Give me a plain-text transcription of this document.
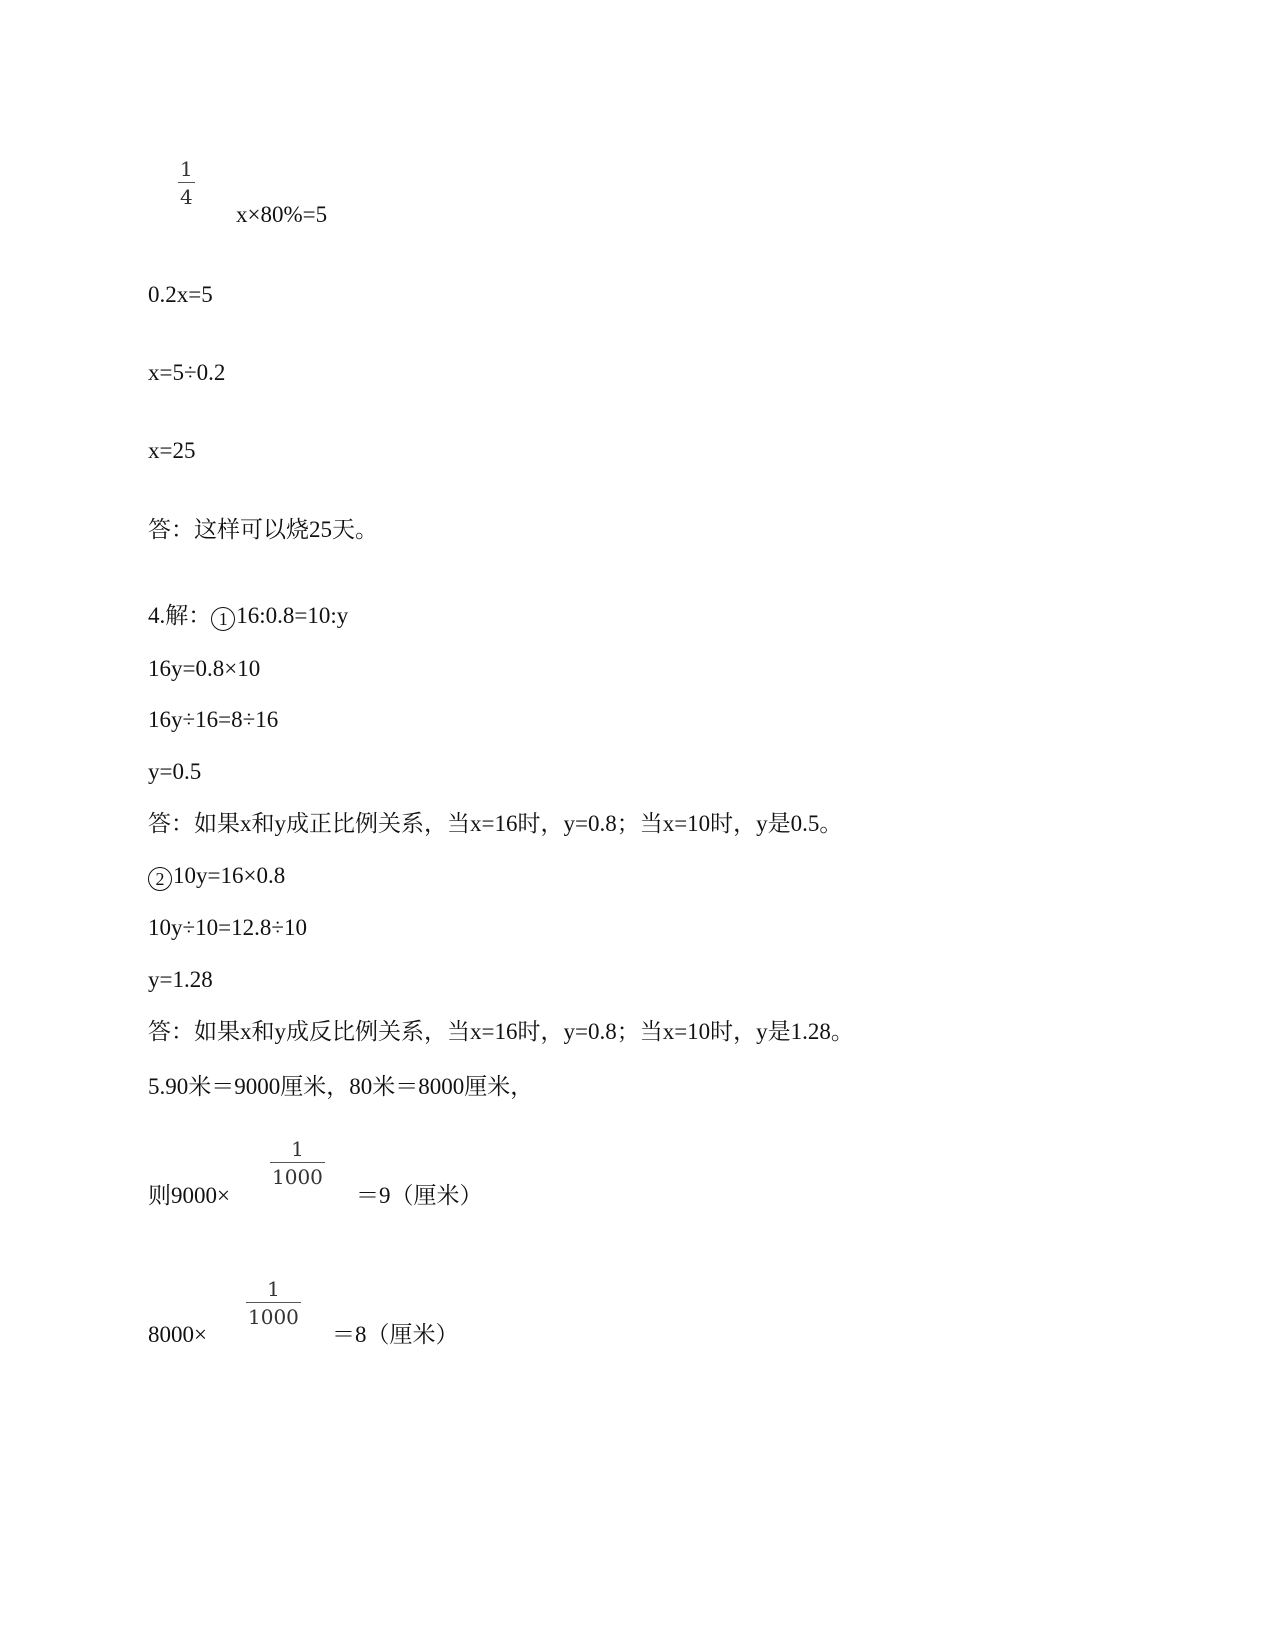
1
4
x×80%=5
0.2x=5
x=5÷0.2
x=25
答：这样可以烧25天。
4.解： 1 16:0.8=10:y
16y=0.8×10
16y÷16=8÷16
y=0.5
答：如果x和y成正比例关系，当x=16时，y=0.8；当x=10时，y是0.5。
2 10y=16×0.8
10y÷10=12.8÷10
y=1.28
答：如果x和y成反比例关系，当x=16时，y=0.8；当x=10时，y是1.28。
5.90米＝9000厘米，80米＝8000厘米，
则9000×
1
1000
＝9（厘米）
8000×
1
1000
＝8（厘米）
